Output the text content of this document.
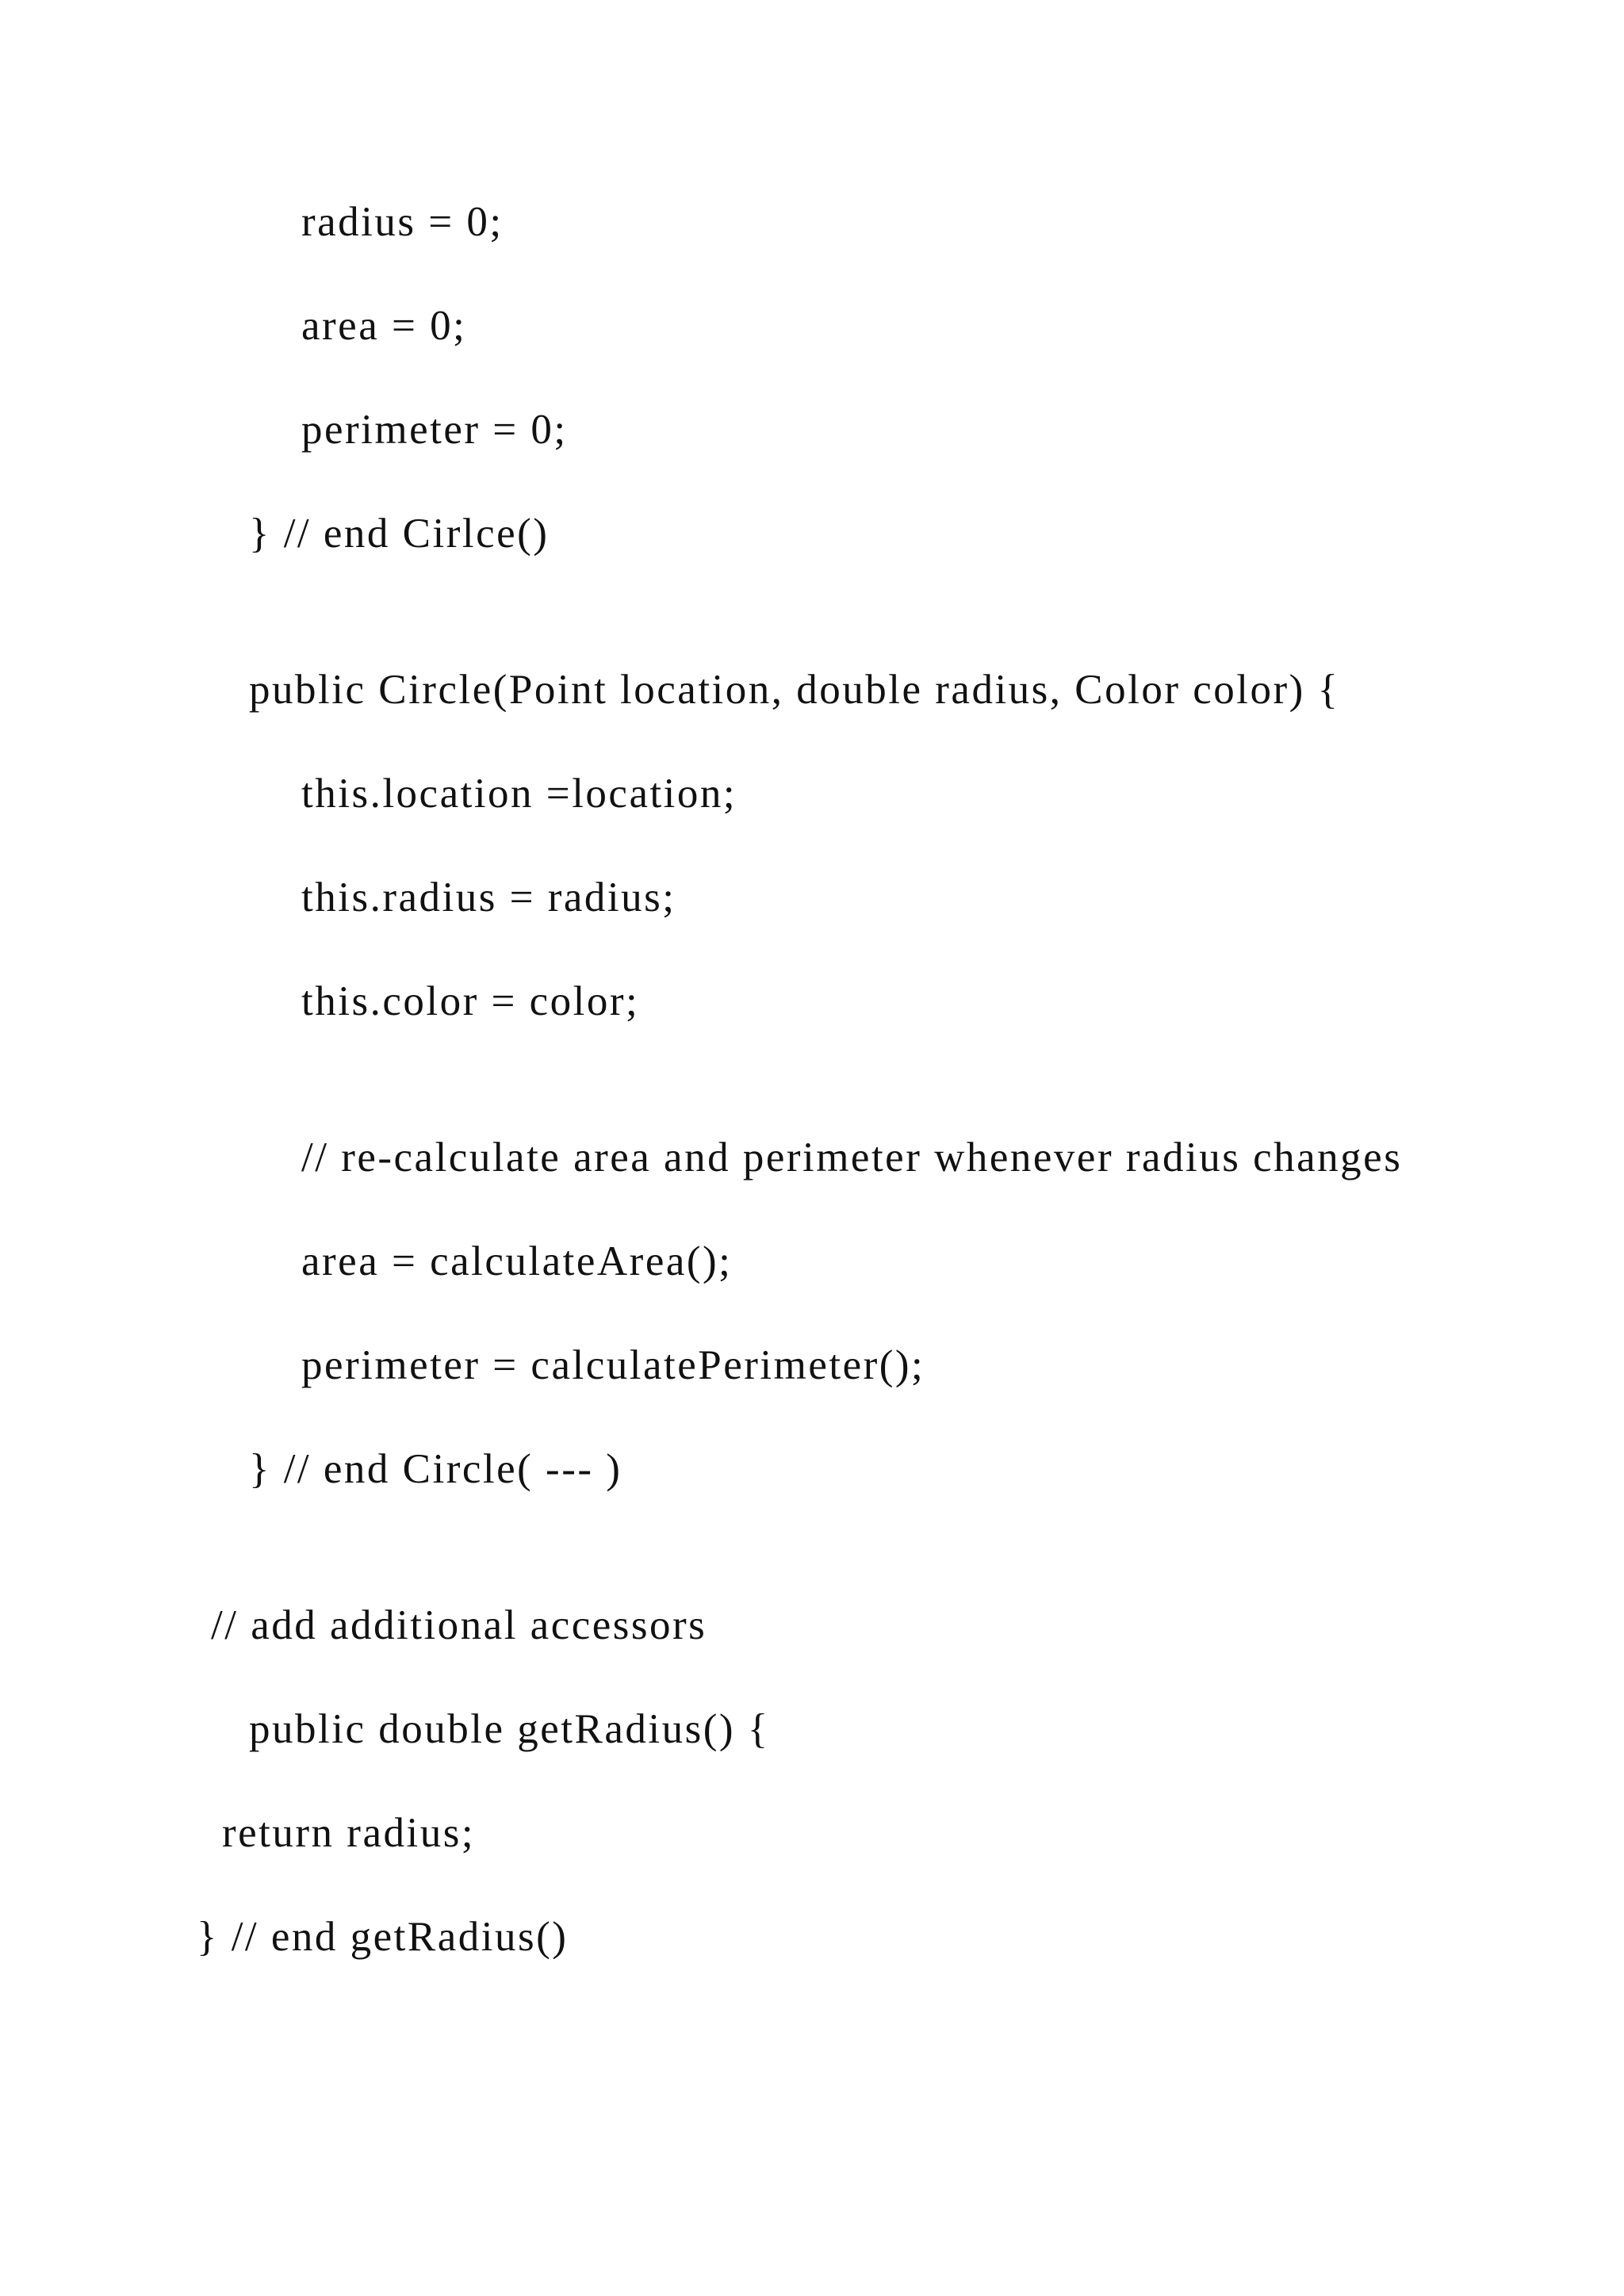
radius = 0;
area = 0;
perimeter = 0;
} // end Cirlce()
public Circle(Point location, double radius, Color color) {
this.location =location;
this.radius = radius;
this.color = color;
// re-calculate area and perimeter whenever radius changes
area = calculateArea();
perimeter = calculatePerimeter();
} // end Circle( --- )
// add additional accessors
public double getRadius() {
return radius;
} // end getRadius()
